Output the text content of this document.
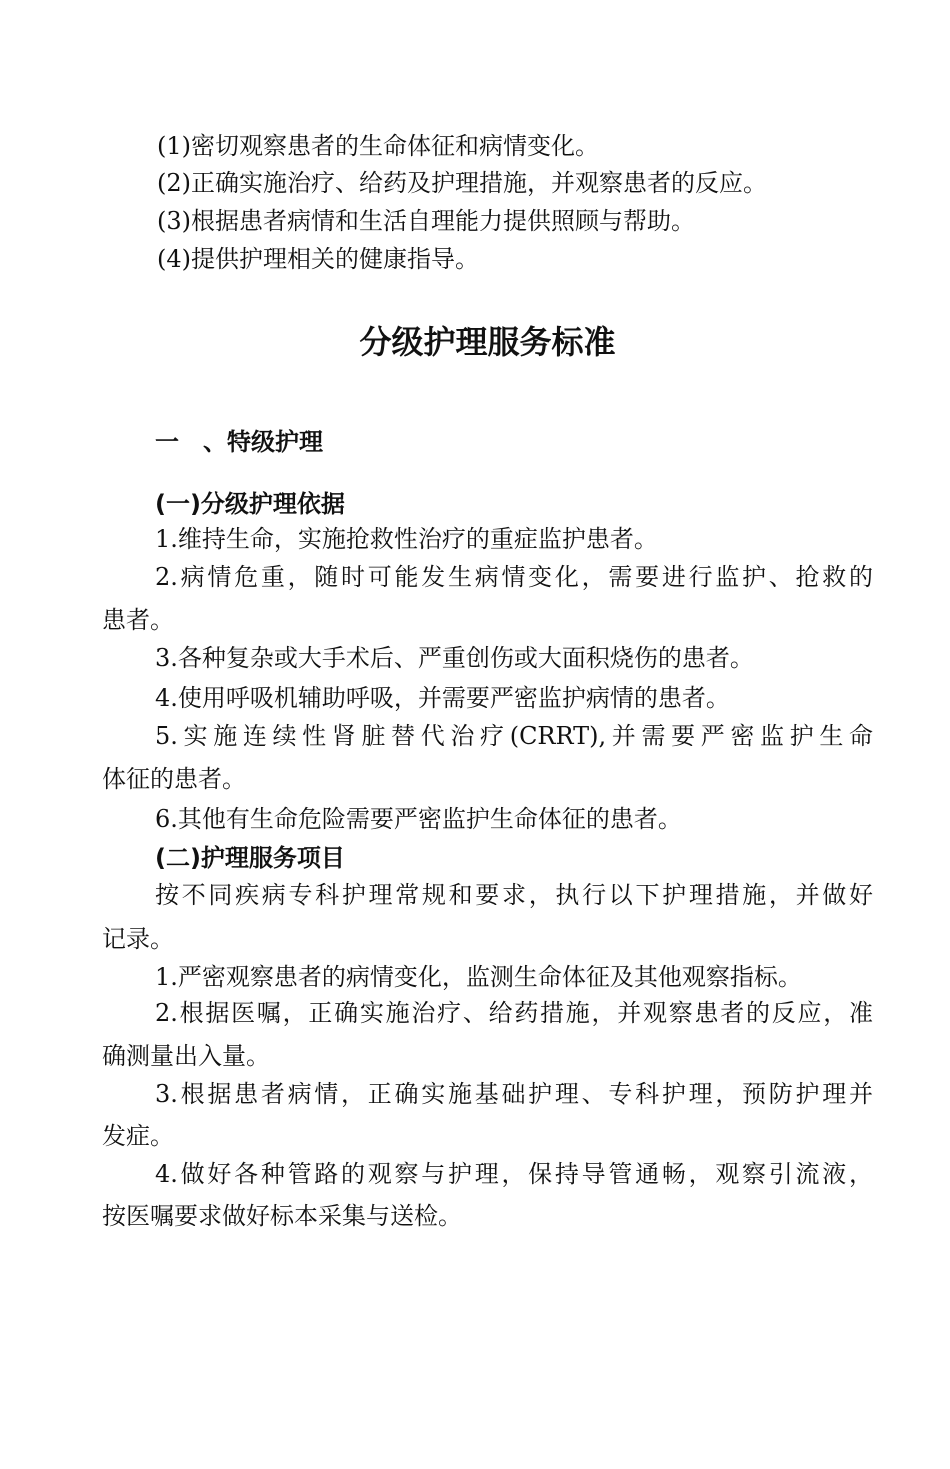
(1)密切观察患者的生命体征和病情变化。
(2)正确实施治疗、给药及护理措施，并观察患者的反应。
(3)根据患者病情和生活自理能力提供照顾与帮助。
(4)提供护理相关的健康指导。
分级护理服务标准
一 、特级护理
(一)分级护理依据
1.维持生命，实施抢救性治疗的重症监护患者。
2.病情危重，随时可能发生病情变化，需要进行监护、抢救的
患者。
3.各种复杂或大手术后、严重创伤或大面积烧伤的患者。
4.使用呼吸机辅助呼吸，并需要严密监护病情的患者。
5.实施连续性肾脏替代治疗(CRRT),并需要严密监护生命
体征的患者。
6.其他有生命危险需要严密监护生命体征的患者。
(二)护理服务项目
按不同疾病专科护理常规和要求，执行以下护理措施，并做好
记录。
1.严密观察患者的病情变化，监测生命体征及其他观察指标。
2.根据医嘱，正确实施治疗、给药措施，并观察患者的反应，准
确测量出入量。
3.根据患者病情，正确实施基础护理、专科护理，预防护理并
发症。
4.做好各种管路的观察与护理，保持导管通畅，观察引流液，
按医嘱要求做好标本采集与送检。
